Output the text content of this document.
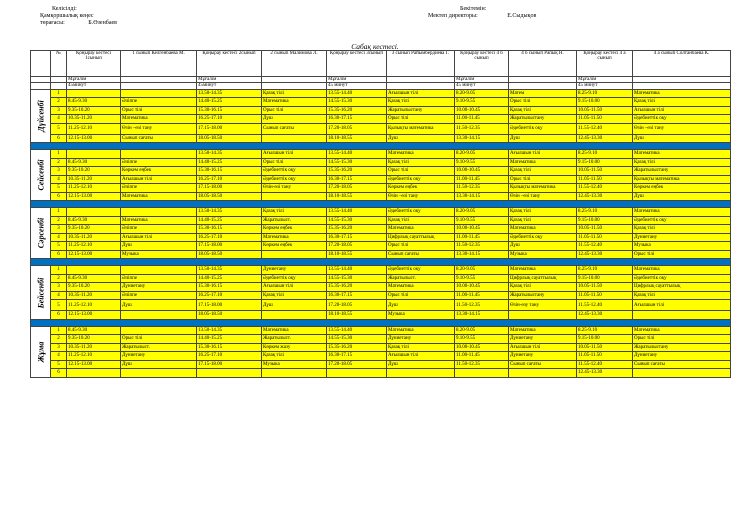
Келісілді:
Қамқоршылық кеңес
төрағасы:	Б.Өзенбаев
Бекітемін:
Мектеп директоры:	Е.Сыдықов
Сабақ кестесі.
	№	Қоңырау кестесі 1сынып	1 сынып Келгенбаева М.	Қоңырау кестесі 2сынып	2 сынып Малимова Л.	Қоңырау кестесі 3сынып	3 сынып Райымбердиева Г.	Қоңырау кестесі 4 б сынып	4 б сынып Рапық Н.	Қоңырау кестесі 4 а сынып	4 а сынып Солтанбаева К.
		Мұғалім		Мұғалім		Мұғалім		Мұғалім		Мұғалім	
		45минут		45минут		45 минут		45 минут		45 минут	

Дүйсенбі	1			13.50-14.35	Қазақ тілі	13.55-14.40	Ағылшын тілі	8.20-9.05	Матем	8.25-9.10	Математика
	2	8.45-9.30	Әліппе	14.40-15.25	Математика	14.55-15.30	Қазақ тілі	9.10-9.55	Орыс тілі	9.15-10.00	Қазақ тілі
	3	9.35-10.20	Орыс тілі	15.30-16.15	Орыс тілі	15.35-16.20	Жаратылыстану	10.00-10.45	Қазақ тілі	10.05-11.50	Ағылшын тілі
	4	10.35-11.20	Математика	16.25-17.10	Дүш	16.30-17.15	Орыс тілі	11.00-11.45	Жаратылыстану	11.05-11.50	Әдебиеттік оқу
	5	11.25-12.10	Өзін –өзі тану	17.15-18.00	Сынып сағаты	17.20-18.05	Қызықты математика	11.50-12.35	Әдебиеттік оқу	11.55-12.40	Өзін –өзі тану
	6	12.15-13.00	Сынып сағаты	18.05-18.50		18.10-18.55	Дүш	13.30-14.15	Дүш	12.45-13.30	Дүш

Сейсенбі	1			13.50-14.35	Ағылшын тілі	13.55-14.40	Математика	8.20-9.05	Ағылшын тілі	8.25-9.10	Математика
	2	8.45-9.30	Әліппе	14.40-15.25	Орыс тілі	14.55-15.30	Қазақ тілі	9.10-9.55	Математика	9.15-10.00	Қазақ тілі
	3	9.35-10.20	Көркем еңбек	15.30-16.15	Әдебиеттік оқу	15.35-16.20	Орыс тілі	10.00-10.45	Қазақ тілі	10.05-11.50	Жаратылыстану
	4	10.35-11.20	Ағылшын тілі	16.25-17.10	Әдебиеттік оқу	16.30-17.15	Әдебиеттік оқу	11.00-11.45	Орыс тілі	11.05-11.50	Қызықты математика
	5	11.25-12.10	Әліппе	17.15-18.00	Өзін-өзі тану	17.20-18.05	Көркем еңбек	11.50-12.35	Қызықты математика	11.55-12.40	Көркем еңбек
	6	12.15-13.00	Математика	18.05-18.50		18.10-18.55	Өзін –өзі тану	13.30-14.15	Өзін –өзі тану	12.45-13.30	Дүш

Сәрсенбі	1			13.50-14.35	Қазақ тілі	13.55-14.40	Әдебиеттік оқу	8.20-9.05	Қазақ тілі	8.25-9.10	Математика
	2	8.45-9.30	Математика	14.40-15.25	Жаратылыст.	14.55-15.30	Қазақ тілі	9.10-9.55	Қазақ тілі	9.15-10.00	Әдебиеттік оқу
	3	9.35-10.20	Әліппе	15.30-16.15	Көркем еңбек	15.35-16.20	Математика	10.00-10.45	Математика	10.05-11.50	Қазақ тілі
	4	10.35-11.20	Ағылшын тілі	16.25-17.10	Математика	16.30-17.15	Цифрлық сауаттылық	11.00-11.45	Әдебиеттік оқу	11.05-11.50	Дүниетану
	5	11.25-12.10	Дүш	17.15-18.00	Көркем еңбек	17.20-18.05	Орыс тілі	11.50-12.35	Дүш	11.55-12.40	Музыка
	6	12.15-13.00	Музыка	18.05-18.50		18.10-18.55	Сынып сағаты	13.30-14.15	Музыка	12.45-13.30	Орыс тілі

Бейсенбі	1			13.50-14.35	Дүниетану	13.55-14.40	Әдебиеттік оқу	8.20-9.05	Математика	8.25-9.10	Математика
	2	8.45-9.30	Әліппе	14.40-15.25	Әдебиеттік оқу	14.55-15.30	Жаратылыст.	9.10-9.55	Цифрлық сауаттылық	9.15-10.00	Әдебиеттік оқу
	3	9.35-10.20	Дүниетану	15.30-16.15	Ағылшын тілі	15.35-16.20	Математика	10.00-10.45	Қазақ тілі	10.05-11.50	Цифрлық сауаттылық
	4	10.35-11.20	Әліппе	16.25-17.10	Қазақ тілі	16.30-17.15	Орыс тілі	11.00-11.45	Жаратылыстану	11.05-11.50	Қазақ тілі
	5	11.25-12.10	Дүш	17.15-18.00	Дүш	17.20-18.05	Дүш	11.50-12.35	Өзін-өзу тану	11.55-12.40	Ағылшын тілі
	6	12.15-13.00		18.05-18.50		18.10-18.55	Музыка	13.30-14.15		12.45-13.30	

Жұма	1	8.45-9.30		13.50-14.35	Математика	13.55-14.40	Математика	8.20-9.05	Математика	8.25-9.10	Математика
	2	9.35-10.20	Орыс тілі	14.40-15.25	Жаратылыст.	14.55-15.30	Дүниетану	9.10-9.55	Дүниетану	9.15-10.00	Орыс тілі
	3	10.35-11.20	Жаратылыст.	15.30-16.15	Көркем жазу	15.35-16.20	Қазақ тілі	10.00-10.45	Ағылшын тілі	10.05-11.50	Жаратылыстану
	4	11.25-12.10	Дүниетану	16.25-17.10	Қазақ тілі	16.30-17.15	Ағылшын тілі	11.00-11.45	Дүниетану	11.05-11.50	Дүниетану
	5	12.15-13.00	Дүш	17.15-18.00	Музыка	17.20-18.05	Дүш	11.50-12.35	Сынып сағаты	11.55-12.40	Сынып сағаты
	6									12.45-13.30	
